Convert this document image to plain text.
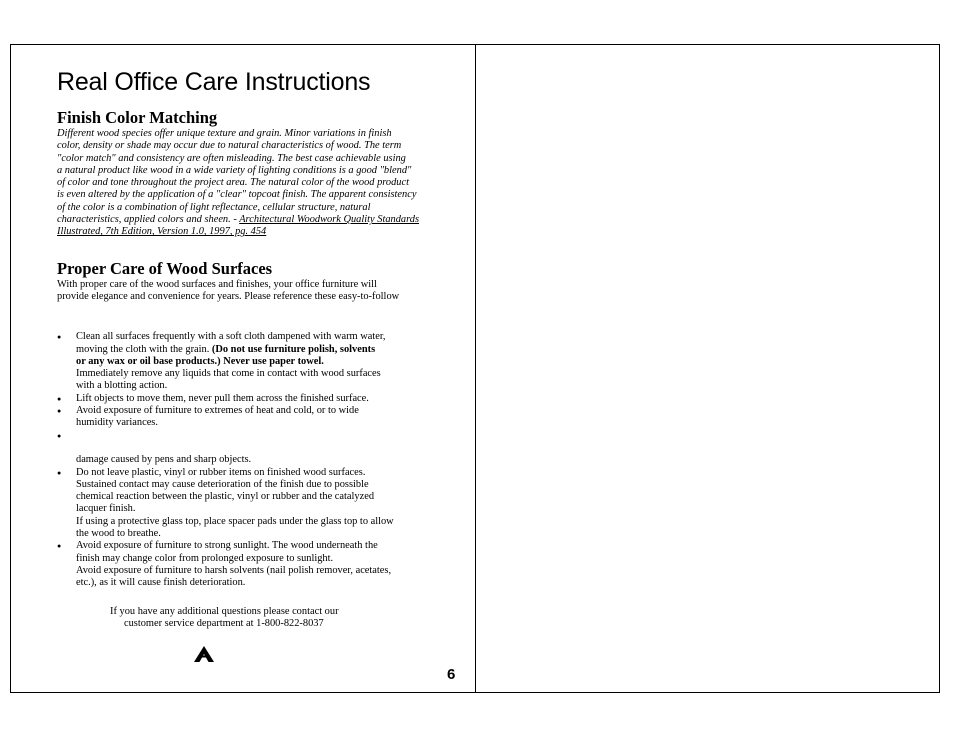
Real Office Care Instructions
Finish Color Matching

Different wood species offer unique texture and grain. Minor variations in finish
color, density or shade may occur due to natural characteristics of wood. The term
"color match" and consistency are often misleading. The best case achievable using
a natural product like wood in a wide variety of lighting conditions is a good "blend"
of color and tone throughout the project area. The natural color of the wood product
is even altered by the application of a "clear" topcoat finish. The apparent consistency
of the color is a combination of light reflectance, cellular structure, natural
characteristics, applied colors and sheen. - Architectural Woodwork Quality Standards
Illustrated, 7th Edition, Version 1.0, 1997, pg. 454

Proper Care of Wood Surfaces

With proper care of the wood surfaces and finishes, your office furniture will
provide elegance and convenience for years. Please reference these easy-to-follow

● Clean all surfaces frequently with a soft cloth dampened with warm water,
moving the cloth with the grain. (Do not use furniture polish, solvents
or any wax or oil base products.) Never use paper towel.
Immediately remove any liquids that come in contact with wood surfaces
with a blotting action.
● Lift objects to move them, never pull them across the finished surface.
● Avoid exposure of furniture to extremes of heat and cold, or to wide
humidity variances.
●
damage caused by pens and sharp objects.
● Do not leave plastic, vinyl or rubber items on finished wood surfaces.
Sustained contact may cause deterioration of the finish due to possible
chemical reaction between the plastic, vinyl or rubber and the catalyzed
lacquer finish.
If using a protective glass top, place spacer pads under the glass top to allow
the wood to breathe.
● Avoid exposure of furniture to strong sunlight. The wood underneath the
finish may change color from prolonged exposure to sunlight.
Avoid exposure of furniture to harsh solvents (nail polish remover, acetates,
etc.), as it will cause finish deterioration.

If you have any additional questions please contact our
customer service department at 1-800-822-8037

6
